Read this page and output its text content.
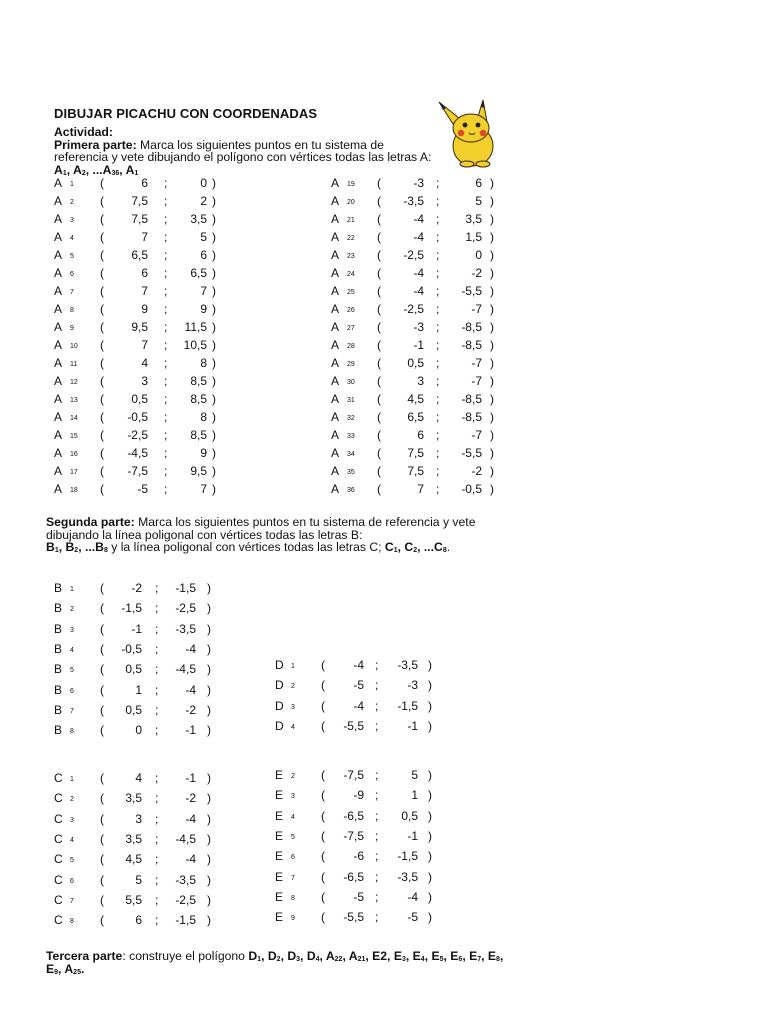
DIBUJAR PICACHU CON COORDENADAS
Actividad:
Primera parte: Marca los siguientes puntos en tu sistema de referencia y vete dibujando el polígono con vértices todas las letras A: $A_1$, $A_2$, $...A_{36}$, $A_1$
A 1 (	6 ;	0 )
A 2 (	7,5 ;	2 )
A 3 (	7,5 ;	3,5 )
A 4 (	7 ;	5 )
A 5 (	6,5 ;	6 )
A 6 (	6 ;	6,5 )
A 7 (	7 ;	7 )
A 8 (	9 ;	9 )
A 9 (	9,5 ;	11,5 )
A 10 (	7 ;	10,5 )
A 11 (	4 ;	8 )
A 12 (	3 ;	8,5 )
A 13 (	0,5 ;	8,5 )
A 14 (	-0,5 ;	8 )
A 15 (	-2,5 ;	8,5 )
A 16 (	-4,5 ;	9 )
A 17 (	-7,5 ;	9,5 )
A 18 (	-5 ;	7 )
A 19 (	-3 ;	6 )
A 20 (	-3,5 ;	5 )
A 21 (	-4 ;	3,5 )
A 22 (	-4 ;	1,5 )
A 23 (	-2,5 ;	0 )
A 24 (	-4 ;	-2 )
A 25 (	-4 ;	-5,5 )
A 26 (	-2,5 ;	-7 )
A 27 (	-3 ;	-8,5 )
A 28 (	-1 ;	-8,5 )
A 29 (	0,5 ;	-7 )
A 30 (	3 ;	-7 )
A 31 (	4,5 ;	-8,5 )
A 32 (	6,5 ;	-8,5 )
A 33 (	6 ;	-7 )
A 34 (	7,5 ;	-5,5 )
A 35 (	7,5 ;	-2 )
A 36 (	7 ;	-0,5 )
Segunda parte: Marca los siguientes puntos en tu sistema de referencia y vete dibujando la línea poligonal con vértices todas las letras B:
$B_1$, $B_2$, $...B_8$ y la línea poligonal con vértices todas las letras C; $C_1$, $C_2$, $...C_8$.
B 1 (	-2 ;	-1,5 )
B 2 (	-1,5 ;	-2,5 )
B 3 (	-1 ;	-3,5 )
B 4 (	-0,5 ;	-4 )
B 5 (	0,5 ;	-4,5 )
B 6 (	1 ;	-4 )
B 7 (	0,5 ;	-2 )
B 8 (	0 ;	-1 )
D 1 (	-4 ;	-3,5 )
D 2 (	-5 ;	-3 )
D 3 (	-4 ;	-1,5 )
D 4 (	-5,5 ;	-1 )
C 1 (	4 ;	-1 )
C 2 (	3,5 ;	-2 )
C 3 (	3 ;	-4 )
C 4 (	3,5 ;	-4,5 )
C 5 (	4,5 ;	-4 )
C 6 (	5 ;	-3,5 )
C 7 (	5,5 ;	-2,5 )
C 8 (	6 ;	-1,5 )
E 2 (	-7,5 ;	5 )
E 3 (	-9 ;	1 )
E 4 (	-6,5 ;	0,5 )
E 5 (	-7,5 ;	-1 )
E 6 (	-6 ;	-1,5 )
E 7 (	-6,5 ;	-3,5 )
E 8 (	-5 ;	-4 )
E 9 (	-5,5 ;	-5 )
Tercera parte: construye el polígono $D_1$, $D_2$, $D_3$, $D_4$, $A_{22}$, $A_{21}$, E2, $E_3$, $E_4$, $E_5$, $E_6$, $E_7$, $E_8$, $E_9$, $A_{25}$.
